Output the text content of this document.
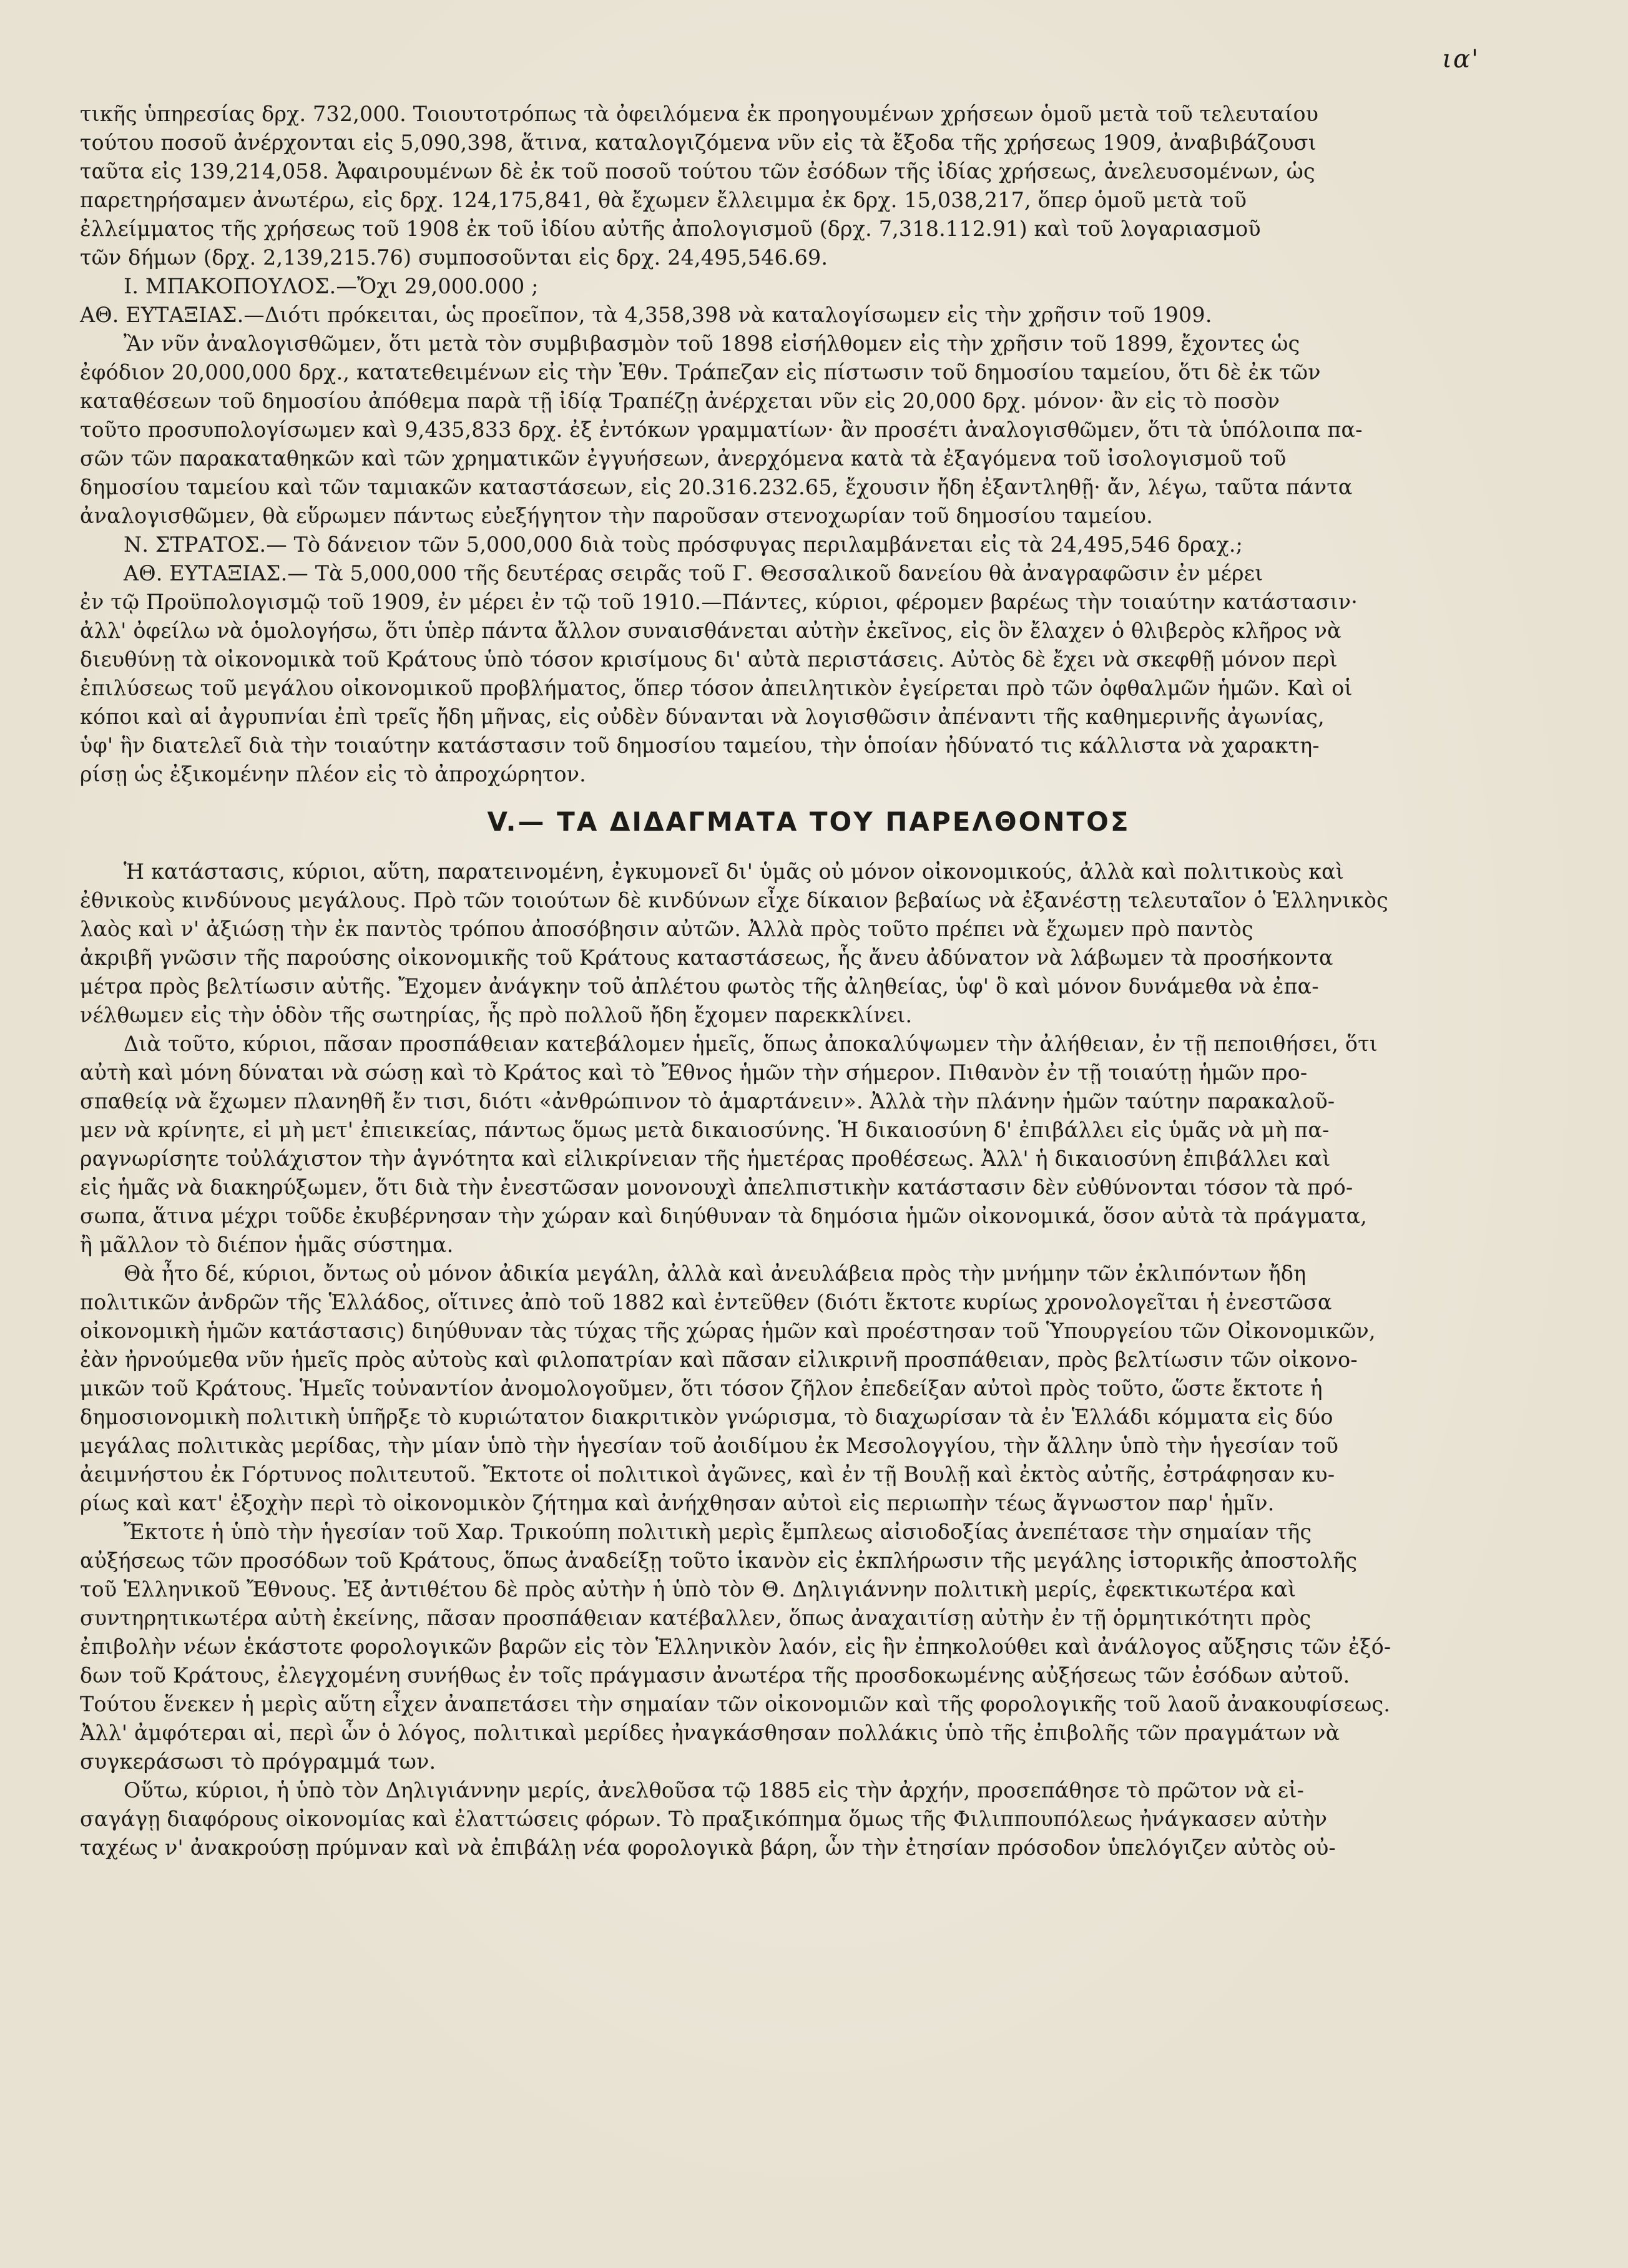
ια'

τικῆς ὑπηρεσίας δρχ. 732,000. Τοιουτοτρόπως τὰ ὀφειλόμενα ἐκ προηγουμένων χρήσεων ὁμοῦ μετὰ τοῦ τελευταίου

τούτου ποσοῦ ἀνέρχονται εἰς 5,090,398, ἅτινα, καταλογιζόμενα νῦν εἰς τὰ ἔξοδα τῆς χρήσεως 1909, ἀναβιβάζουσι

ταῦτα εἰς 139,214,058. Ἀφαιρουμένων δὲ ἐκ τοῦ ποσοῦ τούτου τῶν ἐσόδων τῆς ἰδίας χρήσεως, ἀνελευσομένων, ὡς

παρετηρήσαμεν ἀνωτέρω, εἰς δρχ. 124,175,841, θὰ ἔχωμεν ἔλλειμμα ἐκ δρχ. 15,038,217, ὅπερ ὁμοῦ μετὰ τοῦ

ἐλλείμματος τῆς χρήσεως τοῦ 1908 ἐκ τοῦ ἰδίου αὐτῆς ἀπολογισμοῦ (δρχ. 7,318.112.91) καὶ τοῦ λογαριασμοῦ

τῶν δήμων (δρχ. 2,139,215.76) συμποσοῦνται εἰς δρχ. 24,495,546.69.

Ι. ΜΠΑΚΟΠΟΥΛΟΣ.—Ὄχι 29,000.000 ;

ΑΘ. ΕΥΤΑΞΙΑΣ.—Διότι πρόκειται, ὡς προεῖπον, τὰ 4,358,398 νὰ καταλογίσωμεν εἰς τὴν χρῆσιν τοῦ 1909.

Ἂν νῦν ἀναλογισθῶμεν, ὅτι μετὰ τὸν συμβιβασμὸν τοῦ 1898 εἰσήλθομεν εἰς τὴν χρῆσιν τοῦ 1899, ἔχοντες ὡς

ἐφόδιον 20,000,000 δρχ., κατατεθειμένων εἰς τὴν Ἐθν. Τράπεζαν εἰς πίστωσιν τοῦ δημοσίου ταμείου, ὅτι δὲ ἐκ τῶν

καταθέσεων τοῦ δημοσίου ἀπόθεμα παρὰ τῇ ἰδίᾳ Τραπέζῃ ἀνέρχεται νῦν εἰς 20,000 δρχ. μόνον· ἂν εἰς τὸ ποσὸν

τοῦτο προσυπολογίσωμεν καὶ 9,435,833 δρχ. ἐξ ἐντόκων γραμματίων· ἂν προσέτι ἀναλογισθῶμεν, ὅτι τὰ ὑπόλοιπα πα-

σῶν τῶν παρακαταθηκῶν καὶ τῶν χρηματικῶν ἐγγυήσεων, ἀνερχόμενα κατὰ τὰ ἐξαγόμενα τοῦ ἰσολογισμοῦ τοῦ

δημοσίου ταμείου καὶ τῶν ταμιακῶν καταστάσεων, εἰς 20.316.232.65, ἔχουσιν ἤδη ἐξαντληθῇ· ἄν, λέγω, ταῦτα πάντα

ἀναλογισθῶμεν, θὰ εὕρωμεν πάντως εὐεξήγητον τὴν παροῦσαν στενοχωρίαν τοῦ δημοσίου ταμείου.

Ν. ΣΤΡΑΤΟΣ.— Τὸ δάνειον τῶν 5,000,000 διὰ τοὺς πρόσφυγας περιλαμβάνεται εἰς τὰ 24,495,546 δραχ.;

ΑΘ. ΕΥΤΑΞΙΑΣ.— Τὰ 5,000,000 τῆς δευτέρας σειρᾶς τοῦ Γ. Θεσσαλικοῦ δανείου θὰ ἀναγραφῶσιν ἐν μέρει

ἐν τῷ Προϋπολογισμῷ τοῦ 1909, ἐν μέρει ἐν τῷ τοῦ 1910.—Πάντες, κύριοι, φέρομεν βαρέως τὴν τοιαύτην κατάστασιν·

ἀλλ' ὀφείλω νὰ ὁμολογήσω, ὅτι ὑπὲρ πάντα ἄλλον συναισθάνεται αὐτὴν ἐκεῖνος, εἰς ὃν ἔλαχεν ὁ θλιβερὸς κλῆρος νὰ

διευθύνῃ τὰ οἰκονομικὰ τοῦ Κράτους ὑπὸ τόσον κρισίμους δι' αὐτὰ περιστάσεις. Αὐτὸς δὲ ἔχει νὰ σκεφθῇ μόνον περὶ

ἐπιλύσεως τοῦ μεγάλου οἰκονομικοῦ προβλήματος, ὅπερ τόσον ἀπειλητικὸν ἐγείρεται πρὸ τῶν ὀφθαλμῶν ἡμῶν. Καὶ οἱ

κόποι καὶ αἱ ἀγρυπνίαι ἐπὶ τρεῖς ἤδη μῆνας, εἰς οὐδὲν δύνανται νὰ λογισθῶσιν ἀπέναντι τῆς καθημερινῆς ἀγωνίας,

ὑφ' ἣν διατελεῖ διὰ τὴν τοιαύτην κατάστασιν τοῦ δημοσίου ταμείου, τὴν ὁποίαν ἠδύνατό τις κάλλιστα νὰ χαρακτη-

ρίσῃ ὡς ἐξικομένην πλέον εἰς τὸ ἀπροχώρητον.

V.— ΤΑ ΔΙΔΑΓΜΑΤΑ ΤΟΥ ΠΑΡΕΛΘΟΝΤΟΣ

Ἡ κατάστασις, κύριοι, αὕτη, παρατεινομένη, ἐγκυμονεῖ δι' ὑμᾶς οὐ μόνον οἰκονομικούς, ἀλλὰ καὶ πολιτικοὺς καὶ

ἐθνικοὺς κινδύνους μεγάλους. Πρὸ τῶν τοιούτων δὲ κινδύνων εἶχε δίκαιον βεβαίως νὰ ἐξανέστῃ τελευταῖον ὁ Ἑλληνικὸς

λαὸς καὶ ν' ἀξιώσῃ τὴν ἐκ παντὸς τρόπου ἀποσόβησιν αὐτῶν. Ἀλλὰ πρὸς τοῦτο πρέπει νὰ ἔχωμεν πρὸ παντὸς

ἀκριβῆ γνῶσιν τῆς παρούσης οἰκονομικῆς τοῦ Κράτους καταστάσεως, ἧς ἄνευ ἀδύνατον νὰ λάβωμεν τὰ προσήκοντα

μέτρα πρὸς βελτίωσιν αὐτῆς. Ἔχομεν ἀνάγκην τοῦ ἀπλέτου φωτὸς τῆς ἀληθείας, ὑφ' ὃ καὶ μόνον δυνάμεθα νὰ ἐπα-

νέλθωμεν εἰς τὴν ὁδὸν τῆς σωτηρίας, ἧς πρὸ πολλοῦ ἤδη ἔχομεν παρεκκλίνει.

Διὰ τοῦτο, κύριοι, πᾶσαν προσπάθειαν κατεβάλομεν ἡμεῖς, ὅπως ἀποκαλύψωμεν τὴν ἀλήθειαν, ἐν τῇ πεποιθήσει, ὅτι

αὐτὴ καὶ μόνη δύναται νὰ σώσῃ καὶ τὸ Κράτος καὶ τὸ Ἔθνος ἡμῶν τὴν σήμερον. Πιθανὸν ἐν τῇ τοιαύτῃ ἡμῶν προ-

σπαθείᾳ νὰ ἔχωμεν πλανηθῆ ἔν τισι, διότι «ἀνθρώπινον τὸ ἁμαρτάνειν». Ἀλλὰ τὴν πλάνην ἡμῶν ταύτην παρακαλοῦ-

μεν νὰ κρίνητε, εἰ μὴ μετ' ἐπιεικείας, πάντως ὅμως μετὰ δικαιοσύνης. Ἡ δικαιοσύνη δ' ἐπιβάλλει εἰς ὑμᾶς νὰ μὴ πα-

ραγνωρίσητε τοὐλάχιστον τὴν ἁγνότητα καὶ εἰλικρίνειαν τῆς ἡμετέρας προθέσεως. Ἀλλ' ἡ δικαιοσύνη ἐπιβάλλει καὶ

εἰς ἡμᾶς νὰ διακηρύξωμεν, ὅτι διὰ τὴν ἐνεστῶσαν μονονουχὶ ἀπελπιστικὴν κατάστασιν δὲν εὐθύνονται τόσον τὰ πρό-

σωπα, ἅτινα μέχρι τοῦδε ἐκυβέρνησαν τὴν χώραν καὶ διηύθυναν τὰ δημόσια ἡμῶν οἰκονομικά, ὅσον αὐτὰ τὰ πράγματα,

ἢ μᾶλλον τὸ διέπον ἡμᾶς σύστημα.

Θὰ ἦτο δέ, κύριοι, ὄντως οὐ μόνον ἀδικία μεγάλη, ἀλλὰ καὶ ἀνευλάβεια πρὸς τὴν μνήμην τῶν ἐκλιπόντων ἤδη

πολιτικῶν ἀνδρῶν τῆς Ἑλλάδος, οἵτινες ἀπὸ τοῦ 1882 καὶ ἐντεῦθεν (διότι ἔκτοτε κυρίως χρονολογεῖται ἡ ἐνεστῶσα

οἰκονομικὴ ἡμῶν κατάστασις) διηύθυναν τὰς τύχας τῆς χώρας ἡμῶν καὶ προέστησαν τοῦ Ὑπουργείου τῶν Οἰκονομικῶν,

ἐὰν ἠρνούμεθα νῦν ἡμεῖς πρὸς αὐτοὺς καὶ φιλοπατρίαν καὶ πᾶσαν εἰλικρινῆ προσπάθειαν, πρὸς βελτίωσιν τῶν οἰκονο-

μικῶν τοῦ Κράτους. Ἡμεῖς τοὐναντίον ἀνομολογοῦμεν, ὅτι τόσον ζῆλον ἐπεδείξαν αὐτοὶ πρὸς τοῦτο, ὥστε ἔκτοτε ἡ

δημοσιονομικὴ πολιτικὴ ὑπῆρξε τὸ κυριώτατον διακριτικὸν γνώρισμα, τὸ διαχωρίσαν τὰ ἐν Ἑλλάδι κόμματα εἰς δύο

μεγάλας πολιτικὰς μερίδας, τὴν μίαν ὑπὸ τὴν ἡγεσίαν τοῦ ἀοιδίμου ἐκ Μεσολογγίου, τὴν ἄλλην ὑπὸ τὴν ἡγεσίαν τοῦ

ἀειμνήστου ἐκ Γόρτυνος πολιτευτοῦ. Ἔκτοτε οἱ πολιτικοὶ ἀγῶνες, καὶ ἐν τῇ Βουλῇ καὶ ἐκτὸς αὐτῆς, ἐστράφησαν κυ-

ρίως καὶ κατ' ἐξοχὴν περὶ τὸ οἰκονομικὸν ζήτημα καὶ ἀνήχθησαν αὐτοὶ εἰς περιωπὴν τέως ἄγνωστον παρ' ἡμῖν.

Ἔκτοτε ἡ ὑπὸ τὴν ἡγεσίαν τοῦ Χαρ. Τρικούπη πολιτικὴ μερὶς ἔμπλεως αἰσιοδοξίας ἀνεπέτασε τὴν σημαίαν τῆς

αὐξήσεως τῶν προσόδων τοῦ Κράτους, ὅπως ἀναδείξῃ τοῦτο ἱκανὸν εἰς ἐκπλήρωσιν τῆς μεγάλης ἱστορικῆς ἀποστολῆς

τοῦ Ἑλληνικοῦ Ἔθνους. Ἐξ ἀντιθέτου δὲ πρὸς αὐτὴν ἡ ὑπὸ τὸν Θ. Δηλιγιάννην πολιτικὴ μερίς, ἐφεκτικωτέρα καὶ

συντηρητικωτέρα αὐτὴ ἐκείνης, πᾶσαν προσπάθειαν κατέβαλλεν, ὅπως ἀναχαιτίσῃ αὐτὴν ἐν τῇ ὁρμητικότητι πρὸς

ἐπιβολὴν νέων ἑκάστοτε φορολογικῶν βαρῶν εἰς τὸν Ἑλληνικὸν λαόν, εἰς ἣν ἐπηκολούθει καὶ ἀνάλογος αὔξησις τῶν ἐξό-

δων τοῦ Κράτους, ἐλεγχομένη συνήθως ἐν τοῖς πράγμασιν ἀνωτέρα τῆς προσδοκωμένης αὐξήσεως τῶν ἐσόδων αὐτοῦ.

Τούτου ἕνεκεν ἡ μερὶς αὕτη εἶχεν ἀναπετάσει τὴν σημαίαν τῶν οἰκονομιῶν καὶ τῆς φορολογικῆς τοῦ λαοῦ ἀνακουφίσεως.

Ἀλλ' ἀμφότεραι αἱ, περὶ ὧν ὁ λόγος, πολιτικαὶ μερίδες ἠναγκάσθησαν πολλάκις ὑπὸ τῆς ἐπιβολῆς τῶν πραγμάτων νὰ

συγκεράσωσι τὸ πρόγραμμά των.

Οὕτω, κύριοι, ἡ ὑπὸ τὸν Δηλιγιάννην μερίς, ἀνελθοῦσα τῷ 1885 εἰς τὴν ἀρχήν, προσεπάθησε τὸ πρῶτον νὰ εἰ-

σαγάγῃ διαφόρους οἰκονομίας καὶ ἐλαττώσεις φόρων. Τὸ πραξικόπημα ὅμως τῆς Φιλιππουπόλεως ἠνάγκασεν αὐτὴν

ταχέως ν' ἀνακρούσῃ πρύμναν καὶ νὰ ἐπιβάλῃ νέα φορολογικὰ βάρη, ὧν τὴν ἐτησίαν πρόσοδον ὑπελόγιζεν αὐτὸς οὐ-
